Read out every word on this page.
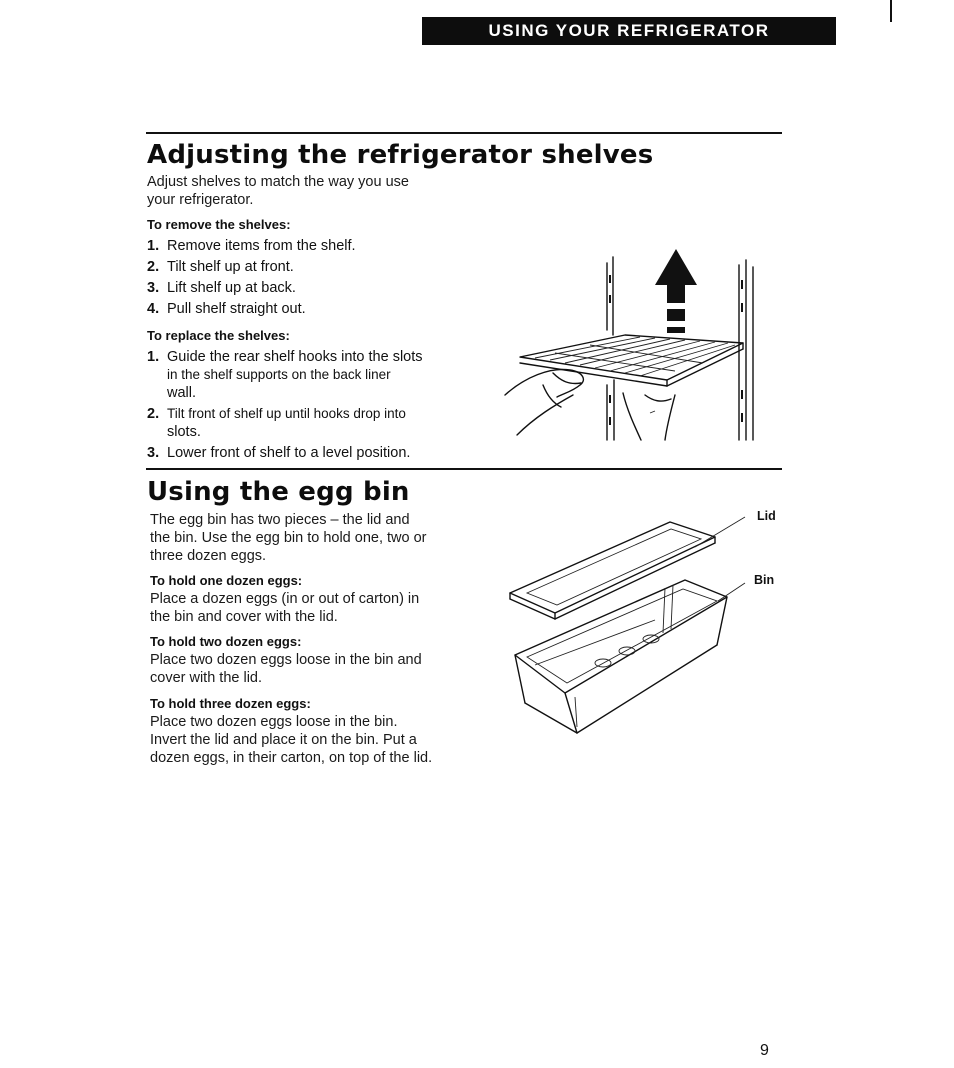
USING YOUR REFRIGERATOR
Adjusting the refrigerator shelves
Adjust shelves to match the way you use
your refrigerator.
To remove the shelves:
1. Remove items from the shelf.
2. Tilt shelf up at front.
3. Lift shelf up at back.
4. Pull shelf straight out.
To replace the shelves:
1. Guide the rear shelf hooks into the slots
in the shelf supports on the back liner
wall.
2. Tilt front of shelf up until hooks drop into
slots.
3. Lower front of shelf to a level position.
Using the egg bin
The egg bin has two pieces – the lid and
the bin. Use the egg bin to hold one, two or
three dozen eggs.
To hold one dozen eggs:
Place a dozen eggs (in or out of carton) in
the bin and cover with the lid.
To hold two dozen eggs:
Place two dozen eggs loose in the bin and
cover with the lid.
To hold three dozen eggs:
Place two dozen eggs loose in the bin.
Invert the lid and place it on the bin. Put a
dozen eggs, in their carton, on top of the lid.
Lid
Bin
9
